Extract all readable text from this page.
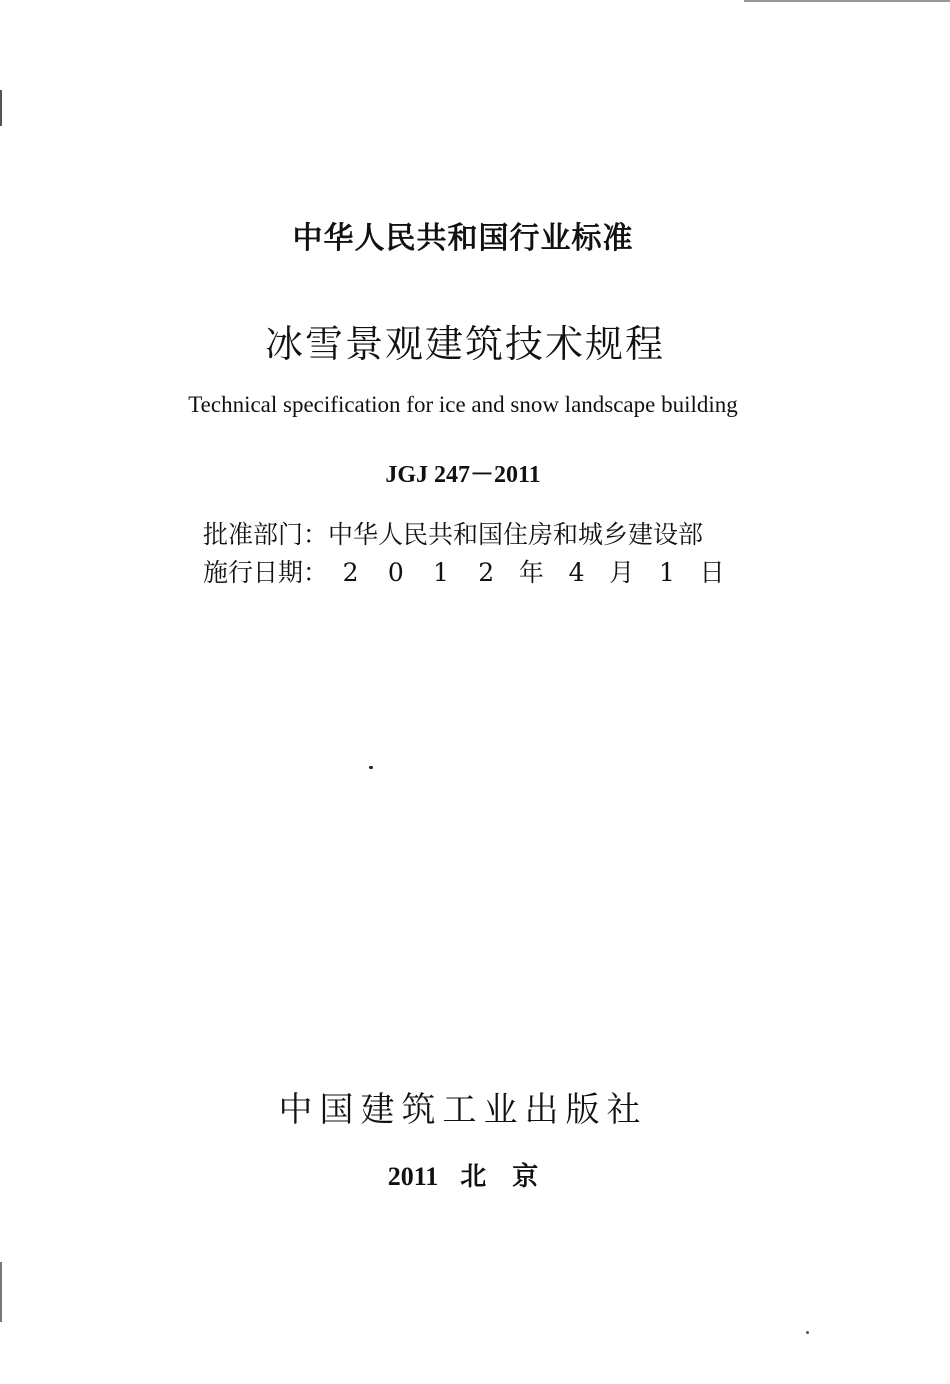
中华人民共和国行业标准
冰雪景观建筑技术规程
Technical specification for ice and snow landscape building
JGJ 247－2011
批准部门：中华人民共和国住房和城乡建设部
施行日期： 2 0 1 2 年 4 月 1 日
中国建筑工业出版社
2011 北 京
